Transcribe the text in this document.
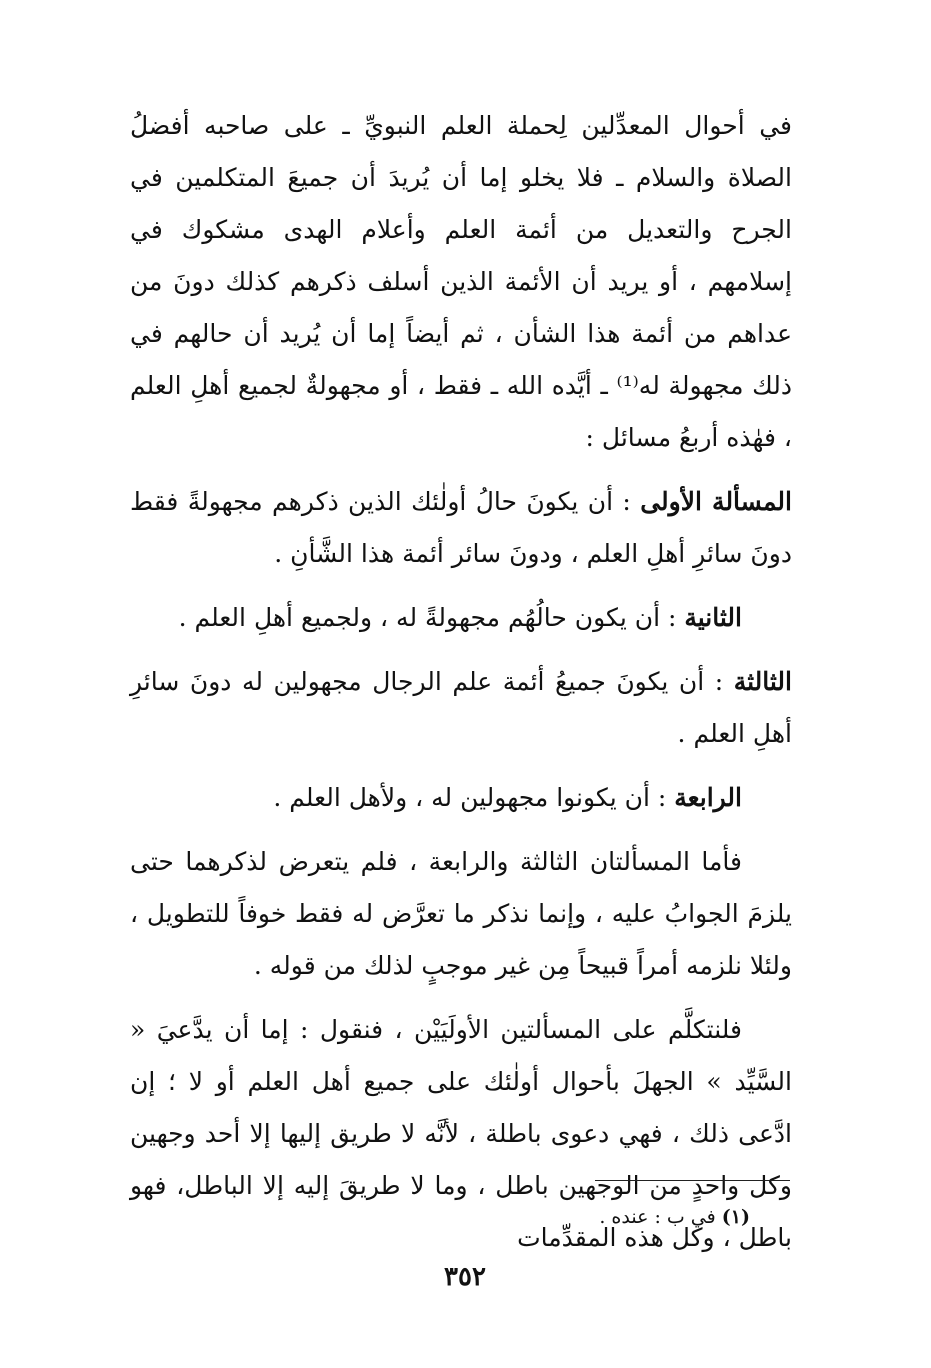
في أحوال المعدِّلين لِحملة العلم النبويِّ ـ على صاحبه أفضلُ الصلاة والسلام ـ فلا يخلو إما أن يُريدَ أن جميعَ المتكلمين في الجرح والتعديل من أئمة العلم وأعلام الهدى مشكوك في إسلامهم ، أو يريد أن الأئمة الذين أسلف ذكرهم كذلك دونَ من عداهم من أئمة هذا الشأن ، ثم أيضاً إما أن يُريد أن حالهم في ذلك مجهولة له⁽¹⁾ ـ أيَّده الله ـ فقط ، أو مجهولةٌ لجميع أهلِ العلم ، فهٰذه أربعُ مسائل :

المسألة الأولى : أن يكونَ حالُ أولٰئك الذين ذكرهم مجهولةً فقط دونَ سائرِ أهلِ العلم ، ودونَ سائر أئمة هذا الشَّأنِ .

الثانية : أن يكون حالُهُم مجهولةً له ، ولجميع أهلِ العلم .

الثالثة : أن يكونَ جميعُ أئمة علم الرجال مجهولين له دونَ سائرِ أهلِ العلم .

الرابعة : أن يكونوا مجهولين له ، ولأهل العلم .

فأما المسألتان الثالثة والرابعة ، فلم يتعرض لذكرهما حتى يلزمَ الجوابُ عليه ، وإنما نذكر ما تعرَّض له فقط خوفاً للتطويل ، ولئلا نلزمه أمراً قبيحاً مِن غير موجبٍ لذلك من قوله .

فلنتكلَّم على المسألتين الأولَيَيْن ، فنقول : إما أن يدَّعيَ « السَّيِّد » الجهلَ بأحوال أولٰئك على جميع أهل العلم أو لا ؛ إن ادَّعى ذلك ، فهي دعوى باطلة ، لأنَّه لا طريق إليها إلا أحد وجهين وكل واحدٍ من الوجهين باطل ، وما لا طريقَ إليه إلا الباطل، فهو باطل ، وكل هذه المقدِّمات

(١) في ب : عنده .
٣٥٢
